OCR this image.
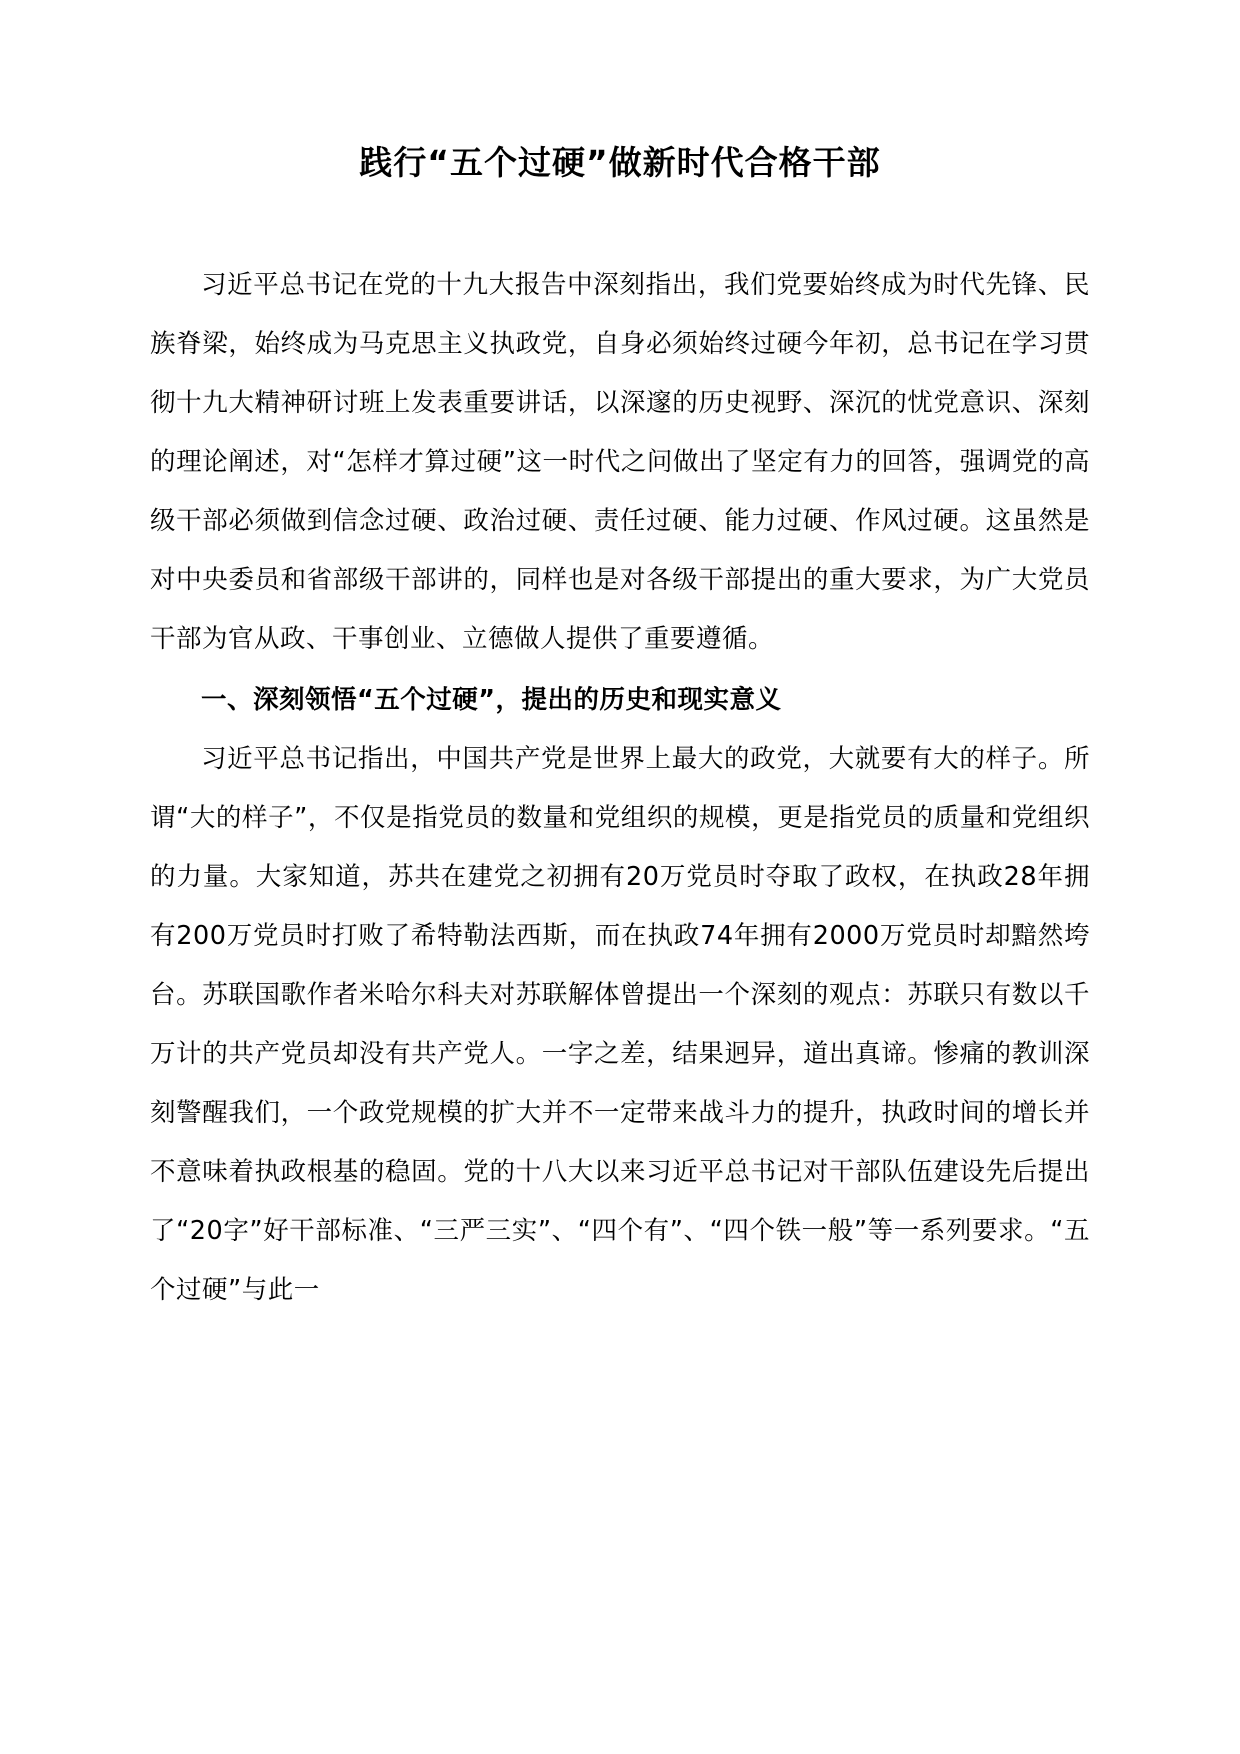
践行“五个过硬”做新时代合格干部

习近平总书记在党的十九大报告中深刻指出，我们党要始终成为时代先锋、民族脊梁，始终成为马克思主义执政党，自身必须始终过硬今年初，总书记在学习贯彻十九大精神研讨班上发表重要讲话，以深邃的历史视野、深沉的忧党意识、深刻的理论阐述，对“怎样才算过硬”这一时代之问做出了坚定有力的回答，强调党的高级干部必须做到信念过硬、政治过硬、责任过硬、能力过硬、作风过硬。这虽然是对中央委员和省部级干部讲的，同样也是对各级干部提出的重大要求，为广大党员干部为官从政、干事创业、立德做人提供了重要遵循。

一、深刻领悟“五个过硬”，提出的历史和现实意义

习近平总书记指出，中国共产党是世界上最大的政党，大就要有大的样子。所谓“大的样子”，不仅是指党员的数量和党组织的规模，更是指党员的质量和党组织的力量。大家知道，苏共在建党之初拥有20万党员时夺取了政权，在执政28年拥有200万党员时打败了希特勒法西斯，而在执政74年拥有2000万党员时却黯然垮台。苏联国歌作者米哈尔科夫对苏联解体曾提出一个深刻的观点：苏联只有数以千万计的共产党员却没有共产党人。一字之差，结果迥异，道出真谛。惨痛的教训深刻警醒我们，一个政党规模的扩大并不一定带来战斗力的提升，执政时间的增长并不意味着执政根基的稳固。党的十八大以来习近平总书记对干部队伍建设先后提出了“20字”好干部标准、“三严三实”、“四个有”、“四个铁一般”等一系列要求。“五个过硬”与此一
